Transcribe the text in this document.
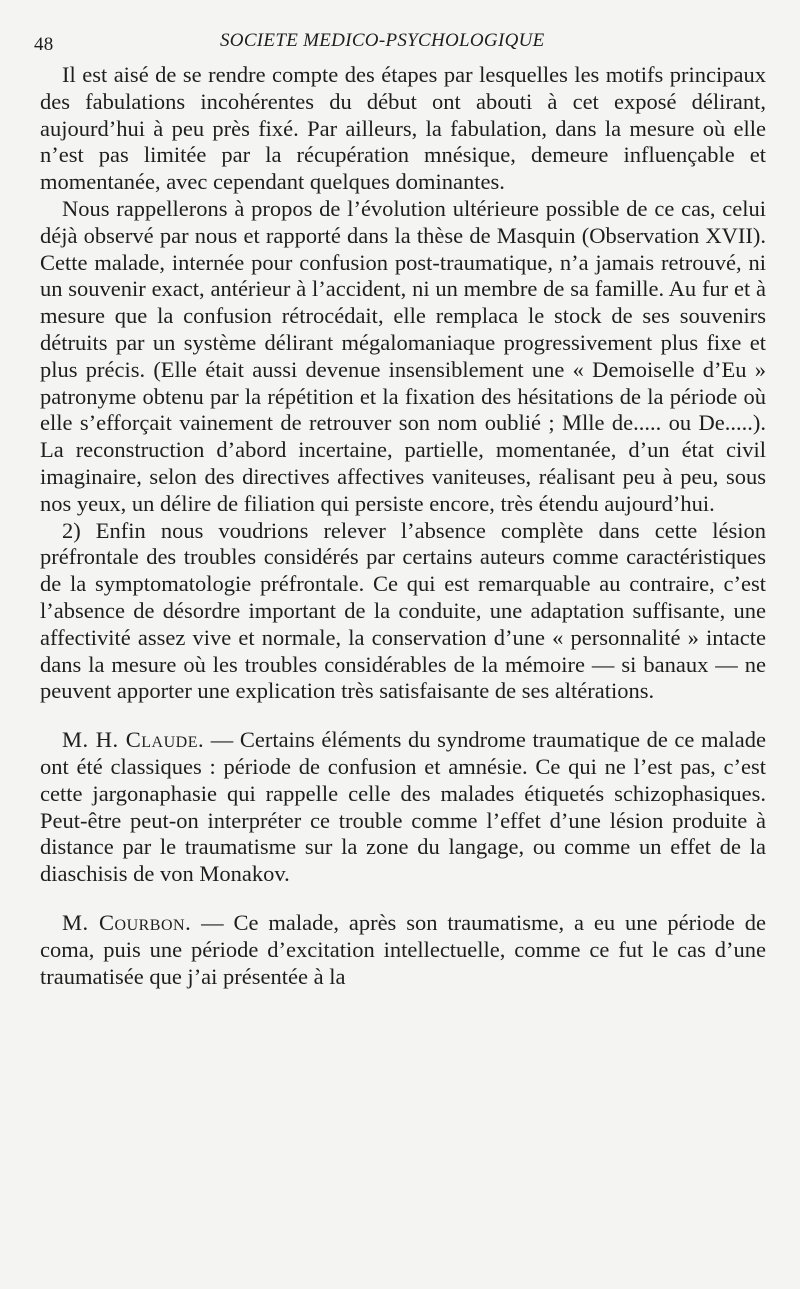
48	SOCIETE MEDICO-PSYCHOLOGIQUE

Il est aisé de se rendre compte des étapes par lesquelles les motifs principaux des fabulations incohérentes du début ont abouti à cet exposé délirant, aujourd’hui à peu près fixé. Par ailleurs, la fabulation, dans la mesure où elle n’est pas limitée par la récupération mnésique, demeure influençable et momentanée, avec cependant quelques dominantes.

Nous rappellerons à propos de l’évolution ultérieure possible de ce cas, celui déjà observé par nous et rapporté dans la thèse de Masquin (Observation XVII). Cette malade, internée pour confusion post-traumatique, n’a jamais retrouvé, ni un souvenir exact, antérieur à l’accident, ni un membre de sa famille. Au fur et à mesure que la confusion rétrocédait, elle remplaca le stock de ses souvenirs détruits par un système délirant mégalomaniaque progressivement plus fixe et plus précis. (Elle était aussi devenue insensiblement une « Demoiselle d’Eu » patronyme obtenu par la répétition et la fixation des hésitations de la période où elle s’efforçait vainement de retrouver son nom oublié ; Mlle de..... ou De.....). La reconstruction d’abord incertaine, partielle, momentanée, d’un état civil imaginaire, selon des directives affectives vaniteuses, réalisant peu à peu, sous nos yeux, un délire de filiation qui persiste encore, très étendu aujourd’hui.

2) Enfin nous voudrions relever l’absence complète dans cette lésion préfrontale des troubles considérés par certains auteurs comme caractéristiques de la symptomatologie préfrontale. Ce qui est remarquable au contraire, c’est l’absence de désordre important de la conduite, une adaptation suffisante, une affectivité assez vive et normale, la conservation d’une « personnalité » intacte dans la mesure où les troubles considérables de la mémoire — si banaux — ne peuvent apporter une explication très satisfaisante de ses altérations.

M. H. Claude. — Certains éléments du syndrome traumatique de ce malade ont été classiques : période de confusion et amnésie. Ce qui ne l’est pas, c’est cette jargonaphasie qui rappelle celle des malades étiquetés schizophasiques. Peut-être peut-on interpréter ce trouble comme l’effet d’une lésion produite à distance par le traumatisme sur la zone du langage, ou comme un effet de la diaschisis de von Monakov.

M. Courbon. — Ce malade, après son traumatisme, a eu une période de coma, puis une période d’excitation intellectuelle, comme ce fut le cas d’une traumatisée que j’ai présentée à la
